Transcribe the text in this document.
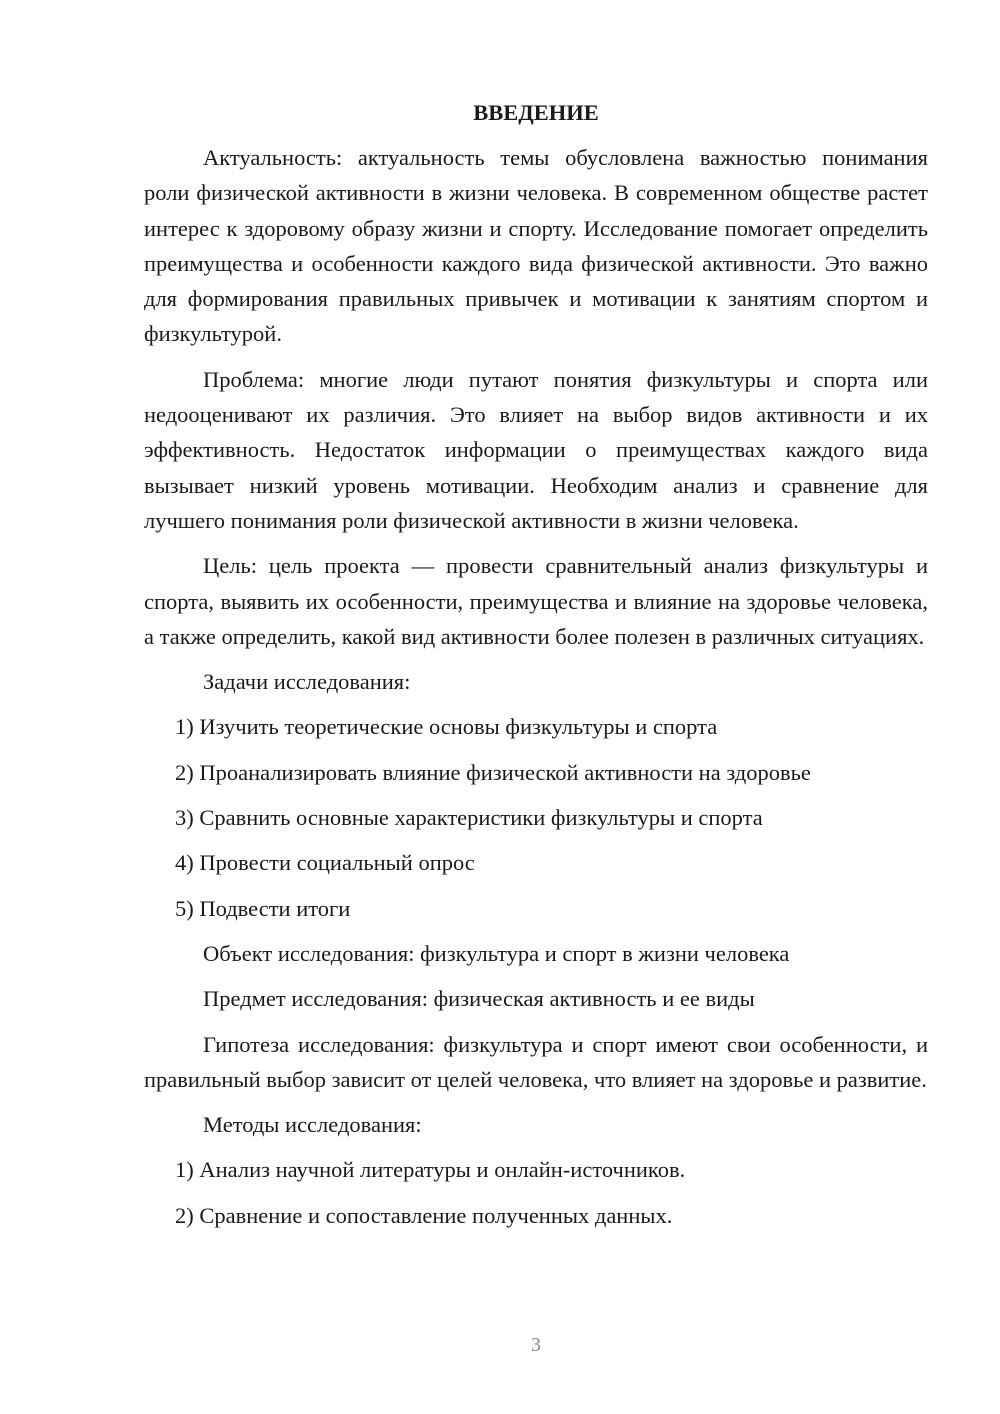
ВВЕДЕНИЕ
Актуальность: актуальность темы обусловлена важностью понимания роли физической активности в жизни человека. В современном обществе растет интерес к здоровому образу жизни и спорту. Исследование помогает определить преимущества и особенности каждого вида физической активности. Это важно для формирования правильных привычек и мотивации к занятиям спортом и физкультурой.
Проблема: многие люди путают понятия физкультуры и спорта или недооценивают их различия. Это влияет на выбор видов активности и их эффективность. Недостаток информации о преимуществах каждого вида вызывает низкий уровень мотивации. Необходим анализ и сравнение для лучшего понимания роли физической активности в жизни человека.
Цель: цель проекта — провести сравнительный анализ физкультуры и спорта, выявить их особенности, преимущества и влияние на здоровье человека, а также определить, какой вид активности более полезен в различных ситуациях.
Задачи исследования:
1) Изучить теоретические основы физкультуры и спорта
2) Проанализировать влияние физической активности на здоровье
3) Сравнить основные характеристики физкультуры и спорта
4) Провести социальный опрос
5) Подвести итоги
Объект исследования: физкультура и спорт в жизни человека
Предмет исследования: физическая активность и ее виды
Гипотеза исследования: физкультура и спорт имеют свои особенности, и правильный выбор зависит от целей человека, что влияет на здоровье и развитие.
Методы исследования:
1) Анализ научной литературы и онлайн-источников.
2) Сравнение и сопоставление полученных данных.
3
